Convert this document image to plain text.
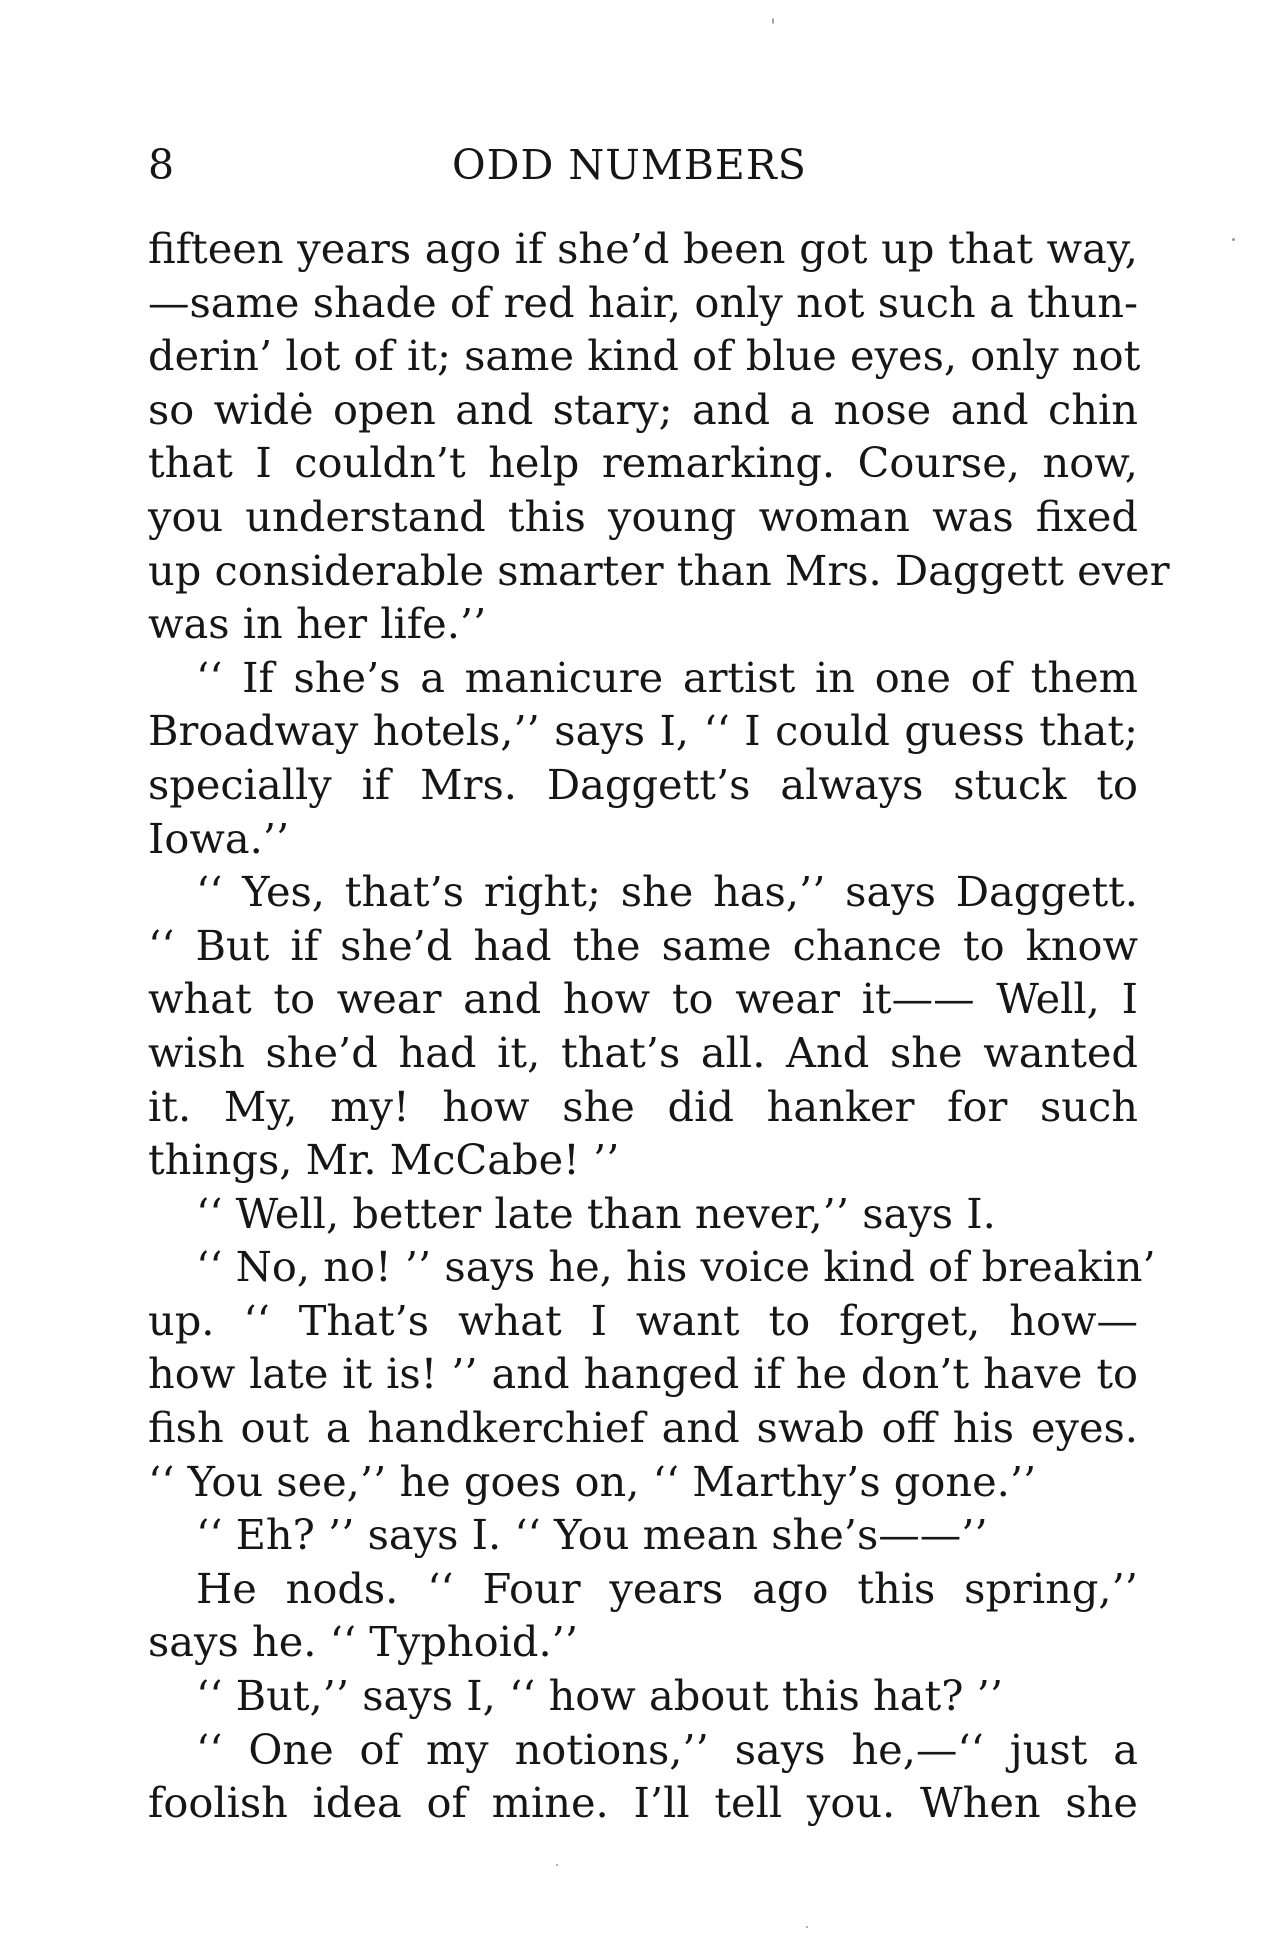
8	ODD NUMBERS
fifteen years ago if she’d been got up that way,
—same shade of red hair, only not such a thun-
derin’ lot of it; same kind of blue eyes, only not
so widė open and stary; and a nose and chin
that I couldn’t help remarking. Course, now,
you understand this young woman was fixed
up considerable smarter than Mrs. Daggett ever
was in her life.’’
‘‘ If she’s a manicure artist in one of them
Broadway hotels,’’ says I, ‘‘ I could guess that;
specially if Mrs. Daggett’s always stuck to
Iowa.’’
‘‘ Yes, that’s right; she has,’’ says Daggett.
‘‘ But if she’d had the same chance to know
what to wear and how to wear it—— Well, I
wish she’d had it, that’s all. And she wanted
it. My, my! how she did hanker for such
things, Mr. McCabe! ’’
‘‘ Well, better late than never,’’ says I.
‘‘ No, no! ’’ says he, his voice kind of breakin’
up. ‘‘ That’s what I want to forget, how—
how late it is! ’’ and hanged if he don’t have to
fish out a handkerchief and swab off his eyes.
‘‘ You see,’’ he goes on, ‘‘ Marthy’s gone.’’
‘‘ Eh? ’’ says I. ‘‘ You mean she’s——’’
He nods. ‘‘ Four years ago this spring,’’
says he. ‘‘ Typhoid.’’
‘‘ But,’’ says I, ‘‘ how about this hat? ’’
‘‘ One of my notions,’’ says he,—‘‘ just a
foolish idea of mine. I’ll tell you. When she
